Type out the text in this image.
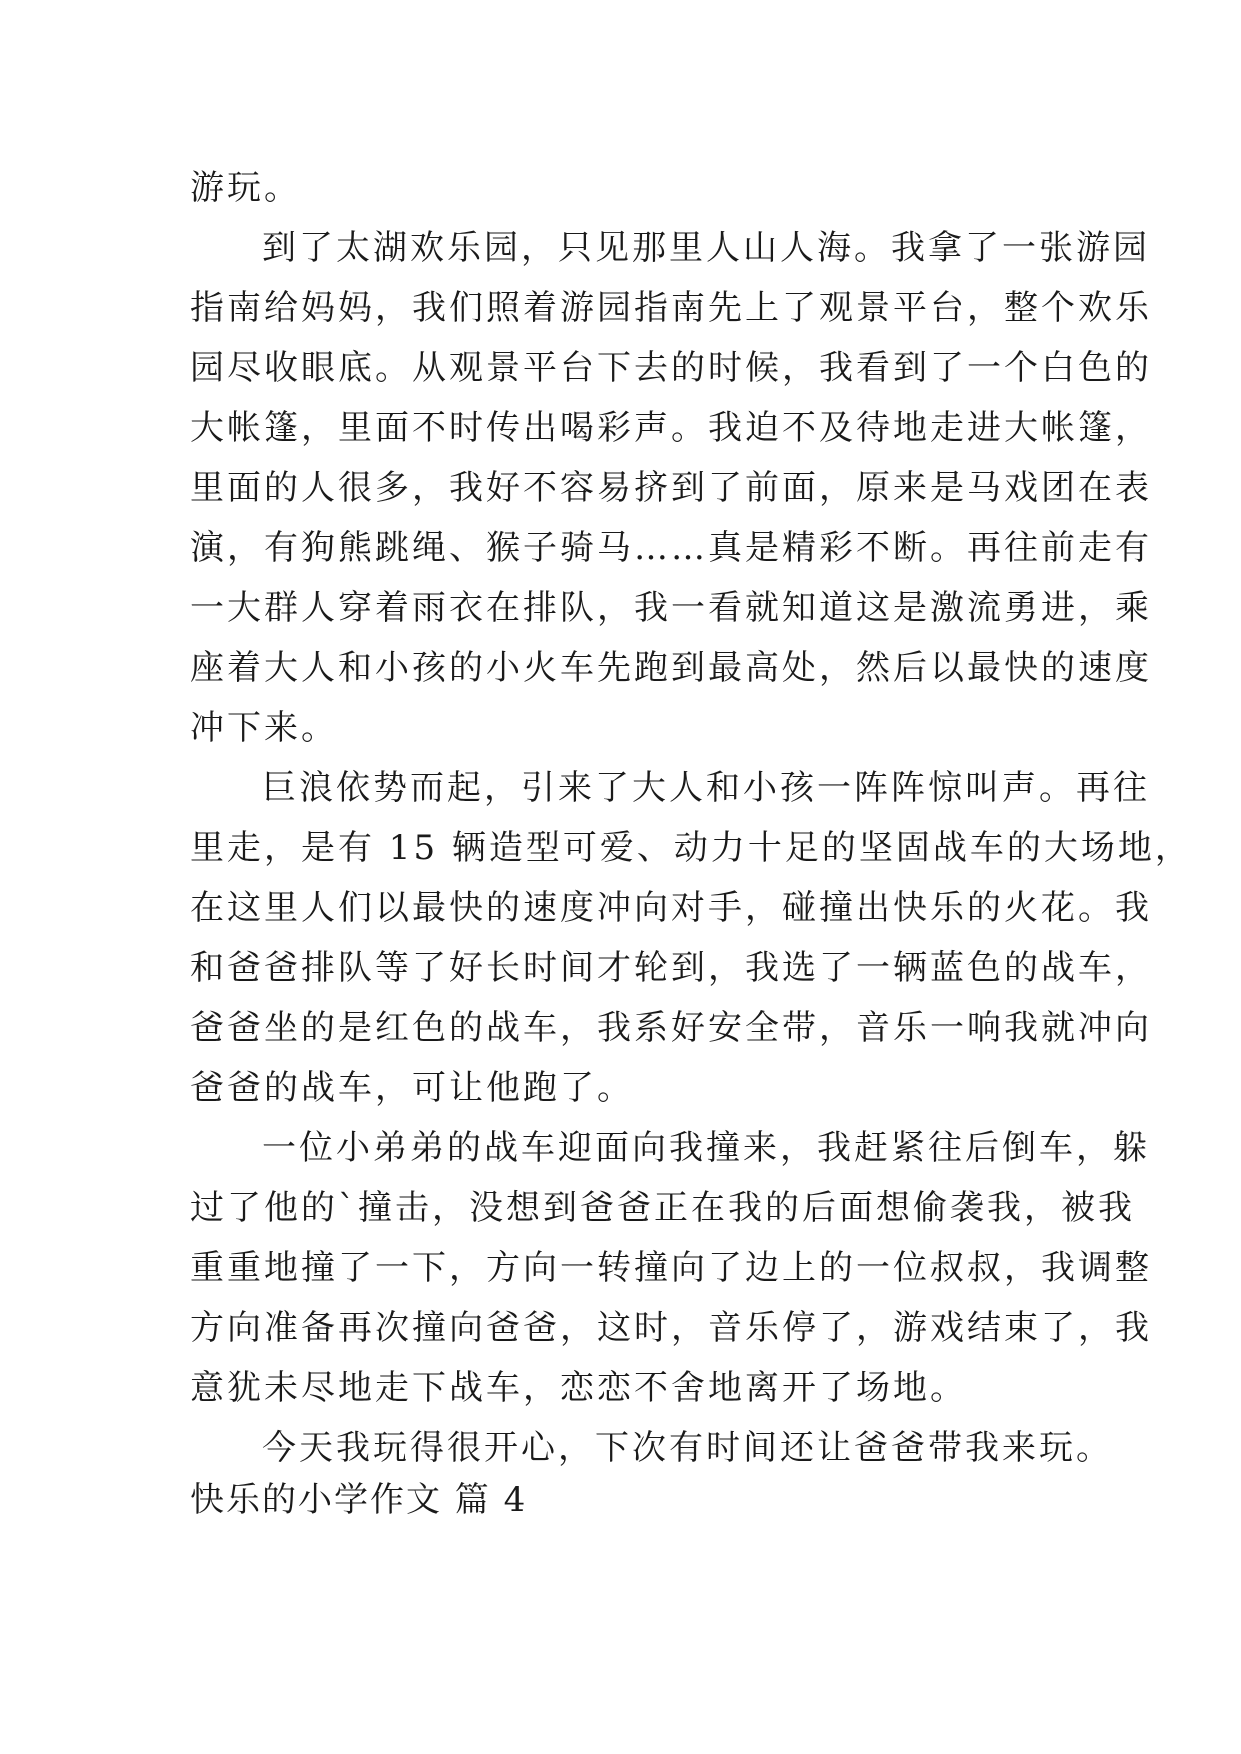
游玩。
到了太湖欢乐园，只见那里人山人海。我拿了一张游园
指南给妈妈，我们照着游园指南先上了观景平台，整个欢乐
园尽收眼底。从观景平台下去的时候，我看到了一个白色的
大帐篷，里面不时传出喝彩声。我迫不及待地走进大帐篷，
里面的人很多，我好不容易挤到了前面，原来是马戏团在表
演，有狗熊跳绳、猴子骑马……真是精彩不断。再往前走有
一大群人穿着雨衣在排队，我一看就知道这是激流勇进，乘
座着大人和小孩的小火车先跑到最高处，然后以最快的速度
冲下来。
巨浪依势而起，引来了大人和小孩一阵阵惊叫声。再往
里走，是有 15 辆造型可爱、动力十足的坚固战车的大场地，
在这里人们以最快的速度冲向对手，碰撞出快乐的火花。我
和爸爸排队等了好长时间才轮到，我选了一辆蓝色的战车，
爸爸坐的是红色的战车，我系好安全带，音乐一响我就冲向
爸爸的战车，可让他跑了。
一位小弟弟的战车迎面向我撞来，我赶紧往后倒车，躲
过了他的`撞击，没想到爸爸正在我的后面想偷袭我，被我
重重地撞了一下，方向一转撞向了边上的一位叔叔，我调整
方向准备再次撞向爸爸，这时，音乐停了，游戏结束了，我
意犹未尽地走下战车，恋恋不舍地离开了场地。
今天我玩得很开心，下次有时间还让爸爸带我来玩。
快乐的小学作文 篇 4
